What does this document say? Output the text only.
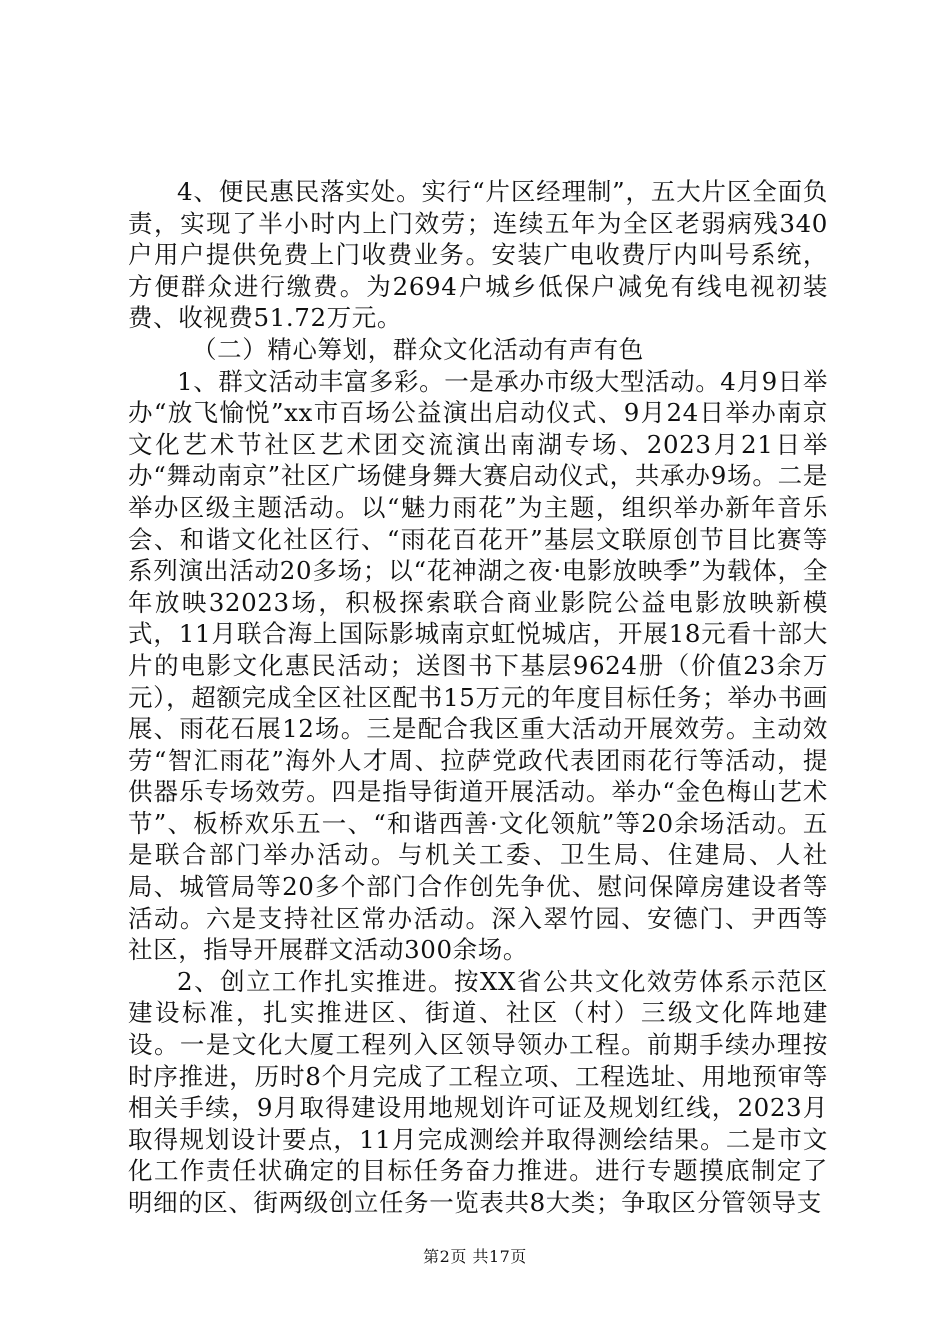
4、便民惠民落实处。实行“片区经理制”，五大片区全面负责，实现了半小时内上门效劳；连续五年为全区老弱病残340户用户提供免费上门收费业务。安装广电收费厅内叫号系统，方便群众进行缴费。为2694户城乡低保户减免有线电视初装费、收视费51.72万元。

（二）精心筹划，群众文化活动有声有色

1、群文活动丰富多彩。一是承办市级大型活动。4月9日举办“放飞愉悦”xx市百场公益演出启动仪式、9月24日举办南京文化艺术节社区艺术团交流演出南湖专场、2023月21日举办“舞动南京”社区广场健身舞大赛启动仪式，共承办9场。二是举办区级主题活动。以“魅力雨花”为主题，组织举办新年音乐会、和谐文化社区行、“雨花百花开”基层文联原创节目比赛等系列演出活动20多场；以“花神湖之夜·电影放映季”为载体，全年放映32023场，积极探索联合商业影院公益电影放映新模式，11月联合海上国际影城南京虹悦城店，开展18元看十部大片的电影文化惠民活动；送图书下基层9624册（价值23余万元），超额完成全区社区配书15万元的年度目标任务；举办书画展、雨花石展12场。三是配合我区重大活动开展效劳。主动效劳“智汇雨花”海外人才周、拉萨党政代表团雨花行等活动，提供器乐专场效劳。四是指导街道开展活动。举办“金色梅山艺术节”、板桥欢乐五一、“和谐西善·文化领航”等20余场活动。五是联合部门举办活动。与机关工委、卫生局、住建局、人社局、城管局等20多个部门合作创先争优、慰问保障房建设者等活动。六是支持社区常办活动。深入翠竹园、安德门、尹西等社区，指导开展群文活动300余场。

2、创立工作扎实推进。按XX省公共文化效劳体系示范区建设标准，扎实推进区、街道、社区（村）三级文化阵地建设。一是文化大厦工程列入区领导领办工程。前期手续办理按时序推进，历时8个月完成了工程立项、工程选址、用地预审等相关手续，9月取得建设用地规划许可证及规划红线，2023月取得规划设计要点，11月完成测绘并取得测绘结果。二是市文化工作责任状确定的目标任务奋力推进。进行专题摸底制定了明细的区、街两级创立任务一览表共8大类；争取区分管领导支

第2页 共17页
